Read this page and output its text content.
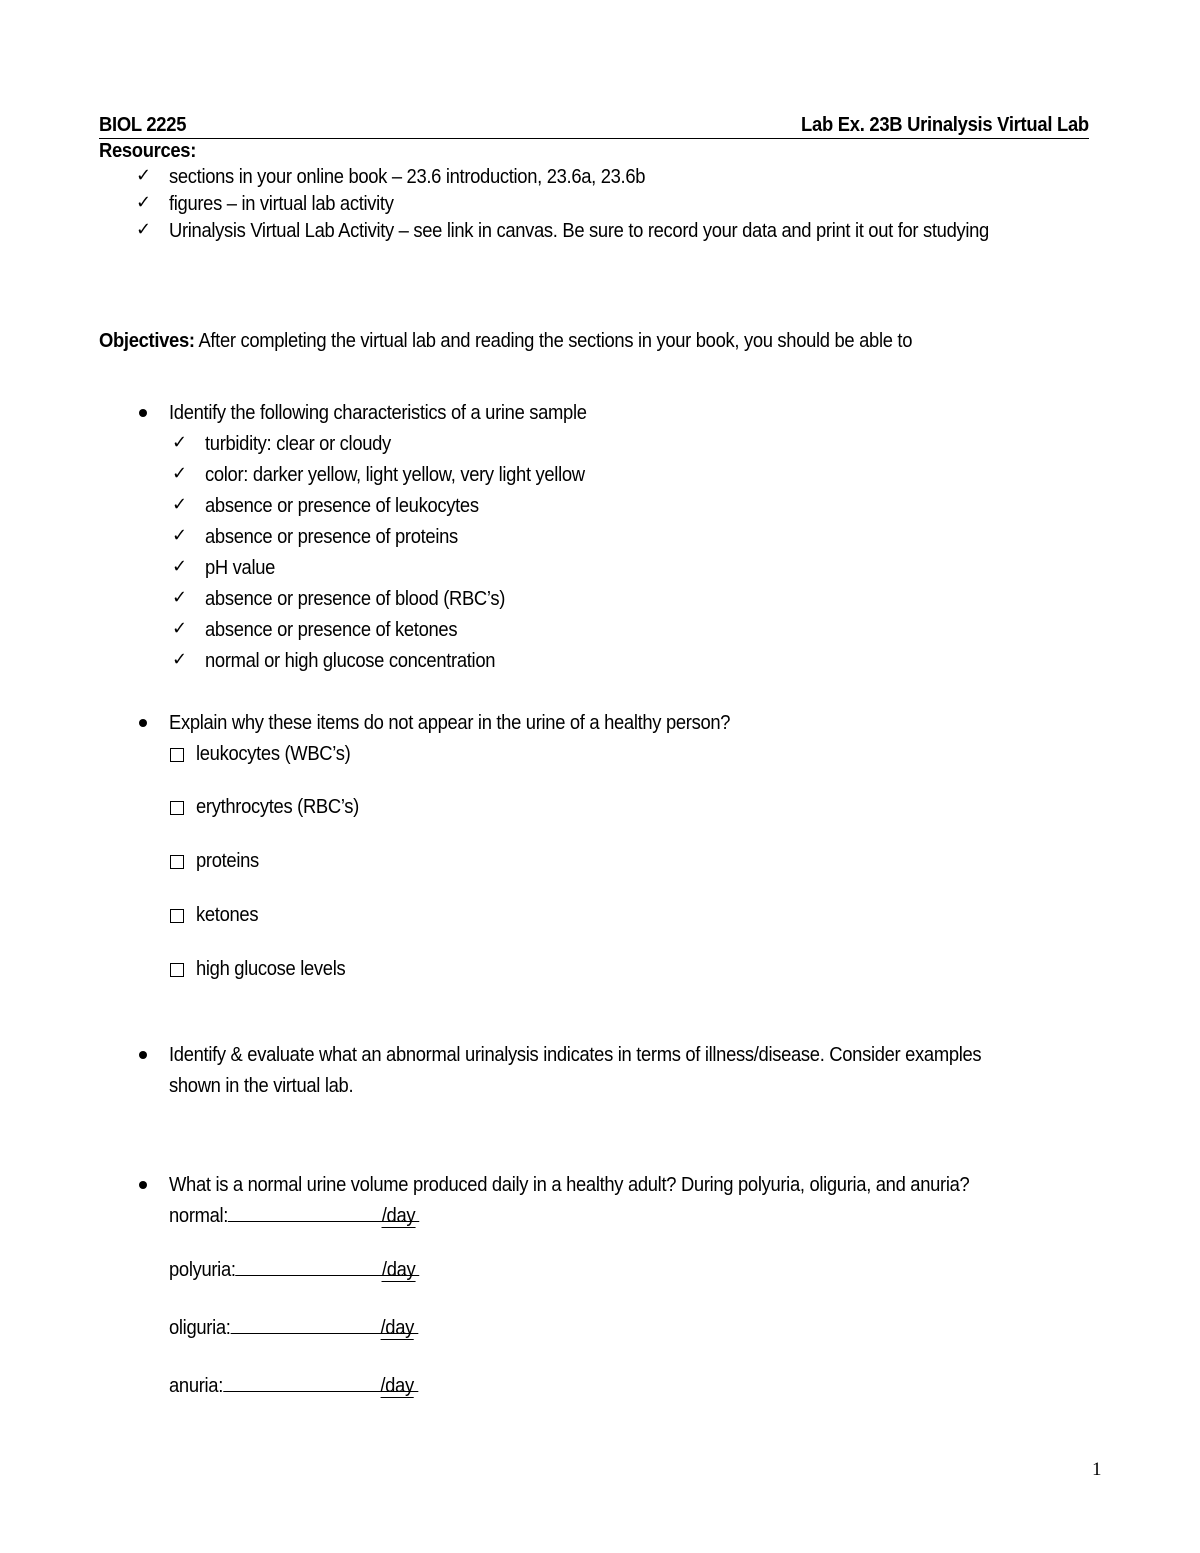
BIOL 2225	Lab Ex. 23B Urinalysis Virtual Lab
Resources:
✓ sections in your online book – 23.6 introduction, 23.6a, 23.6b
✓ figures – in virtual lab activity
✓ Urinalysis Virtual Lab Activity – see link in canvas. Be sure to record your data and print it out for studying
Objectives: After completing the virtual lab and reading the sections in your book, you should be able to
Identify the following characteristics of a urine sample
✓ turbidity: clear or cloudy
✓ color: darker yellow, light yellow, very light yellow
✓ absence or presence of leukocytes
✓ absence or presence of proteins
✓ pH value
✓ absence or presence of blood (RBC’s)
✓ absence or presence of ketones
✓ normal or high glucose concentration
Explain why these items do not appear in the urine of a healthy person?
leukocytes (WBC’s)
erythrocytes (RBC’s)
proteins
ketones
high glucose levels
Identify & evaluate what an abnormal urinalysis indicates in terms of illness/disease. Consider examples
shown in the virtual lab.
What is a normal urine volume produced daily in a healthy adult? During polyuria, oliguria, and anuria?
normal:	/day
polyuria:	/day
oliguria:	/day
anuria:	/day
1
